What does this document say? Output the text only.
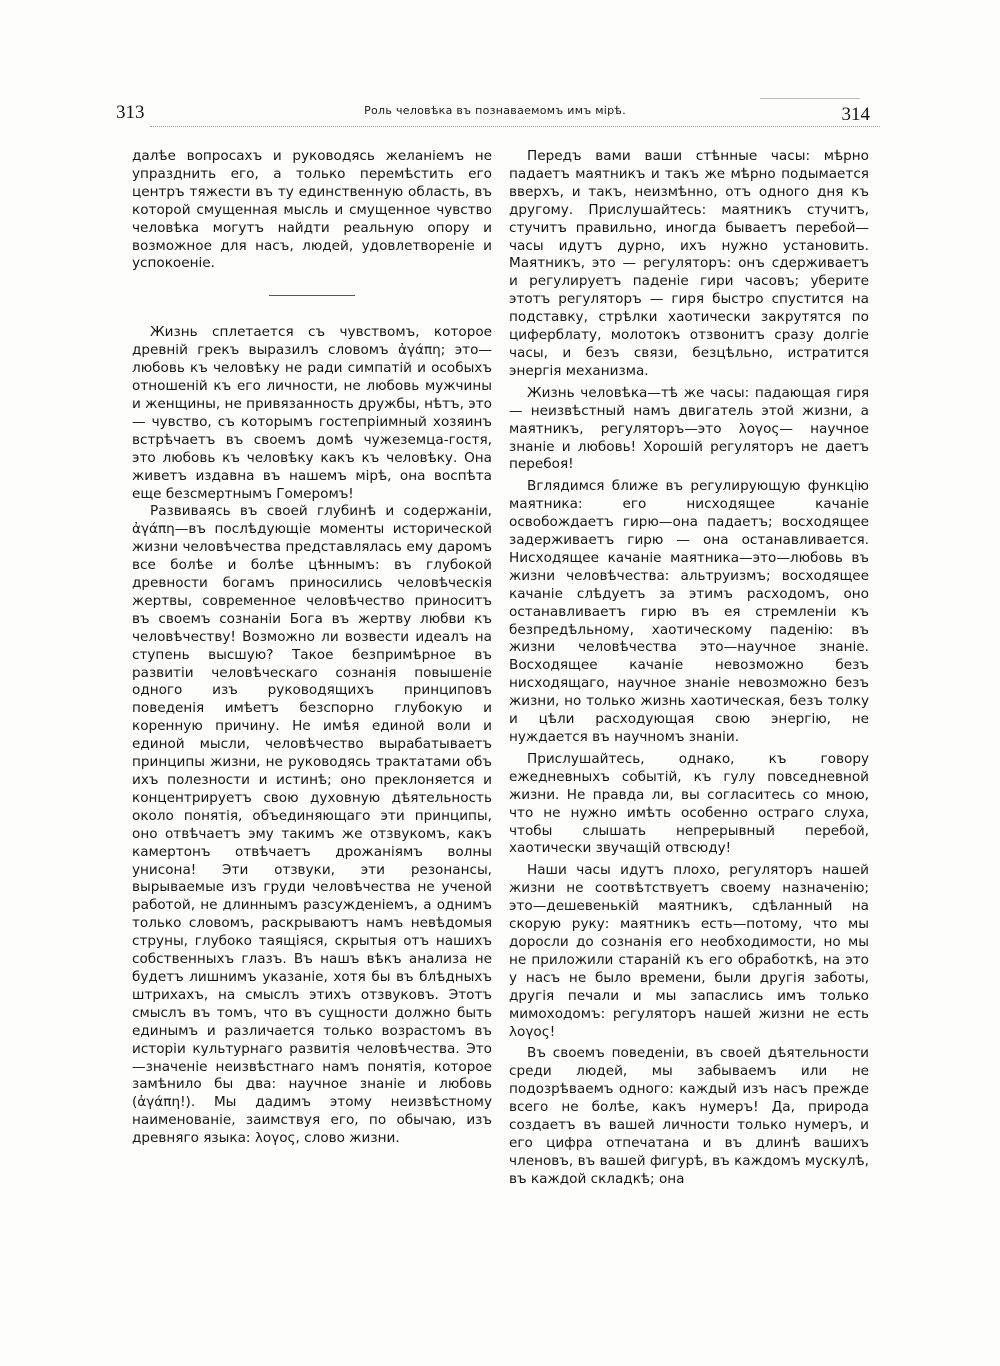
313	Роль человѣка въ познаваемомъ имъ мірѣ.	314

далѣе вопросахъ и руководясь желаніемъ не упразднить его, а только перемѣстить его центръ тяжести въ ту единственную область, въ которой смущенная мысль и смущенное чувство человѣка могутъ найдти реальную опору и возможное для насъ, людей, удовлетвореніе и успокоеніе.

Жизнь сплетается съ чувствомъ, которое древній грекъ выразилъ словомъ ἀγάπη; это—любовь къ человѣку не ради симпатій и особыхъ отношеній къ его личности, не любовь мужчины и женщины, не привязанность дружбы, нѣтъ, это — чувство, съ которымъ гостепріимный хозяинъ встрѣчаетъ въ своемъ домѣ чужеземца-гостя, это любовь къ человѣку какъ къ человѣку. Она живетъ издавна въ нашемъ мірѣ, она воспѣта еще безсмертнымъ Гомеромъ!

Развиваясь въ своей глубинѣ и содержаніи, ἀγάπη—въ послѣдующіе моменты исторической жизни человѣчества представлялась ему даромъ все болѣе и болѣе цѣннымъ: въ глубокой древности богамъ приносились человѣческія жертвы, современное человѣчество приноситъ въ своемъ сознаніи Бога въ жертву любви къ человѣчеству! Возможно ли возвести идеалъ на ступень высшую? Такое безпримѣрное въ развитіи человѣческаго сознанія повышеніе одного изъ руководящихъ принциповъ поведенія имѣетъ безспорно глубокую и коренную причину. Не имѣя единой воли и единой мысли, человѣчество вырабатываетъ принципы жизни, не руководясь трактатами объ ихъ полезности и истинѣ; оно преклоняется и концентрируетъ свою духовную дѣятельность около понятія, объединяющаго эти принципы, оно отвѣчаетъ эму такимъ же отзвукомъ, какъ камертонъ отвѣчаетъ дрожаніямъ волны унисона! Эти отзвуки, эти резонансы, вырываемые изъ груди человѣчества не ученой работой, не длиннымъ разсужденіемъ, а однимъ только словомъ, раскрываютъ намъ невѣдомыя струны, глубоко таящіяся, скрытыя отъ нашихъ собственныхъ глазъ. Въ нашъ вѣкъ анализа не будетъ лишнимъ указаніе, хотя бы въ блѣдныхъ штрихахъ, на смыслъ этихъ отзвуковъ. Этотъ смыслъ въ томъ, что въ сущности должно быть единымъ и различается только возрастомъ въ исторіи культурнаго развитія человѣчества. Это—значеніе неизвѣстнаго намъ понятія, которое замѣнило бы два: научное знаніе и любовь (ἀγάπη!). Мы дадимъ этому неизвѣстному наименованіе, заимствуя его, по обычаю, изъ древняго языка: λογος, слово жизни.

Передъ вами ваши стѣнные часы: мѣрно падаетъ маятникъ и такъ же мѣрно подымается вверхъ, и такъ, неизмѣнно, отъ одного дня къ другому. Прислушайтесь: маятникъ стучитъ, стучитъ правильно, иногда бываетъ перебой—часы идутъ дурно, ихъ нужно установить. Маятникъ, это — регуляторъ: онъ сдерживаетъ и регулируетъ паденіе гири часовъ; уберите этотъ регуляторъ — гиря быстро спустится на подставку, стрѣлки хаотически закрутятся по циферблату, молотокъ отзвонитъ сразу долгіе часы, и безъ связи, безцѣльно, истратится энергія механизма.

Жизнь человѣка—тѣ же часы: падающая гиря — неизвѣстный намъ двигатель этой жизни, а маятникъ, регуляторъ—это λογος— научное знаніе и любовь! Хорошій регуляторъ не даетъ перебоя!

Вглядимся ближе въ регулирующую функцію маятника: его нисходящее качаніе освобождаетъ гирю—она падаетъ; восходящее задерживаетъ гирю — она останавливается. Нисходящее качаніе маятника—это—любовь въ жизни человѣчества: альтруизмъ; восходящее качаніе слѣдуетъ за этимъ расходомъ, оно останавливаетъ гирю въ ея стремленіи къ безпредѣльному, хаотическому паденію: въ жизни человѣчества это—научное знаніе. Восходящее качаніе невозможно безъ нисходящаго, научное знаніе невозможно безъ жизни, но только жизнь хаотическая, безъ толку и цѣли расходующая свою энергію, не нуждается въ научномъ знаніи.

Прислушайтесь, однако, къ говору ежедневныхъ событій, къ гулу повседневной жизни. Не правда ли, вы согласитесь со мною, что не нужно имѣть особенно остраго слуха, чтобы слышать непрерывный перебой, хаотически звучащій отвсюду!

Наши часы идутъ плохо, регуляторъ нашей жизни не соотвѣтствуетъ своему назначенію; это—дешевенькій маятникъ, сдѣланный на скорую руку: маятникъ есть—потому, что мы доросли до сознанія его необходимости, но мы не приложили стараній къ его обработкѣ, на это у насъ не было времени, были другія заботы, другія печали и мы запаслись имъ только мимоходомъ: регуляторъ нашей жизни не есть λογος!

Въ своемъ поведеніи, въ своей дѣятельности среди людей, мы забываемъ или не подозрѣваемъ одного: каждый изъ насъ прежде всего не болѣе, какъ нумеръ! Да, природа создаетъ въ вашей личности только нумеръ, и его цифра отпечатана и въ длинѣ вашихъ членовъ, въ вашей фигурѣ, въ каждомъ мускулѣ, въ каждой складкѣ; она
